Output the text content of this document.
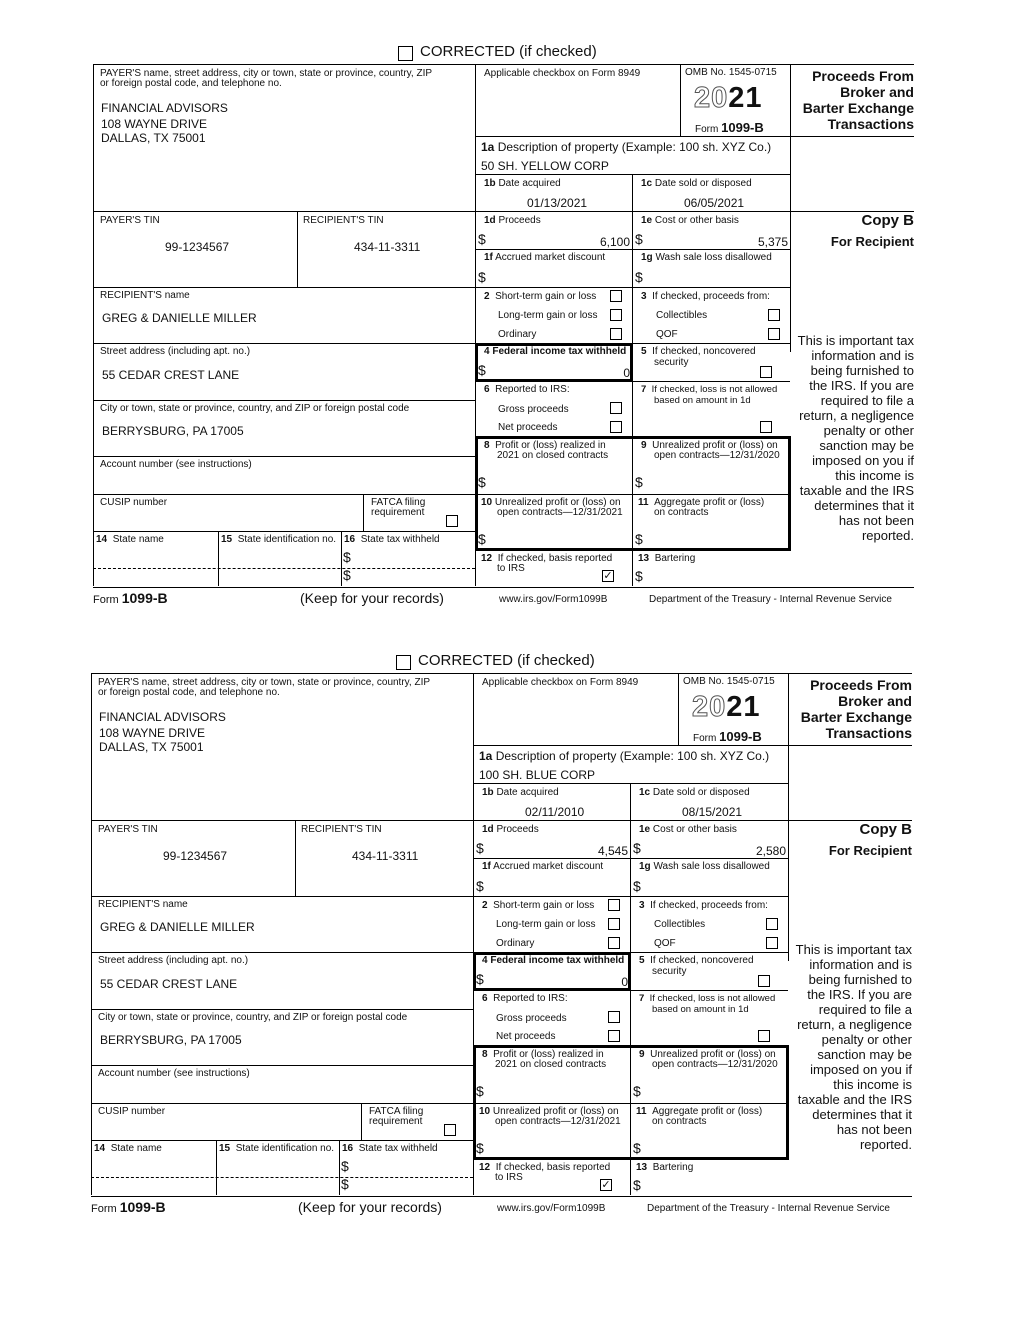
CORRECTED (if checked)
PAYER'S name, street address, city or town, state or province, country, ZIP
or foreign postal code, and telephone no.
FINANCIAL ADVISORS
108 WAYNE DRIVE
DALLAS, TX 75001
Applicable checkbox on Form 8949	OMB No. 1545-0715
2021
Form 1099-B
Proceeds From
Broker and
Barter Exchange
Transactions
1a Description of property (Example: 100 sh. XYZ Co.)
50 SH. YELLOW CORP
1b Date acquired
01/13/2021
1c Date sold or disposed
06/05/2021
PAYER'S TIN	RECIPIENT'S TIN
99-1234567	434-11-3311
1d Proceeds
$	6,100
1e Cost or other basis
$	5,375
Copy B
For Recipient
1f Accrued market discount
$
1g Wash sale loss disallowed
$
RECIPIENT'S name
GREG & DANIELLE MILLER
2 Short-term gain or loss
Long-term gain or loss
Ordinary
3 If checked, proceeds from:
Collectibles
QOF
Street address (including apt. no.)
55 CEDAR CREST LANE
4 Federal income tax withheld
$	0
5 If checked, noncovered
security
City or town, state or province, country, and ZIP or foreign postal code
BERRYSBURG, PA 17005
6 Reported to IRS:
Gross proceeds
Net proceeds
7 If checked, loss is not allowed
based on amount in 1d
Account number (see instructions)
8 Profit or (loss) realized in
2021 on closed contracts
$
9 Unrealized profit or (loss) on
open contracts—12/31/2020
$
CUSIP number	FATCA filing
requirement
10 Unrealized profit or (loss) on
open contracts—12/31/2021
$
11 Aggregate profit or (loss)
on contracts
$
14 State name	15 State identification no. 16 State tax withheld
$
$
12 If checked, basis reported
to IRS
✓
13 Bartering
$
This is important tax
information and is
being furnished to
the IRS. If you are
required to file a
return, a negligence
penalty or other
sanction may be
imposed on you if
this income is
taxable and the IRS
determines that it
has not been
reported.
Form 1099-B	(Keep for your records)	www.irs.gov/Form1099B	Department of the Treasury - Internal Revenue Service
CORRECTED (if checked)
PAYER'S name, street address, city or town, state or province, country, ZIP
or foreign postal code, and telephone no.
FINANCIAL ADVISORS
108 WAYNE DRIVE
DALLAS, TX 75001
Applicable checkbox on Form 8949	OMB No. 1545-0715
2021
Form 1099-B
Proceeds From
Broker and
Barter Exchange
Transactions
1a Description of property (Example: 100 sh. XYZ Co.)
100 SH. BLUE CORP
1b Date acquired
02/11/2010
1c Date sold or disposed
08/15/2021
PAYER'S TIN	RECIPIENT'S TIN
99-1234567	434-11-3311
1d Proceeds
$	4,545
1e Cost or other basis
$	2,580
Copy B
For Recipient
1f Accrued market discount
$
1g Wash sale loss disallowed
$
RECIPIENT'S name
GREG & DANIELLE MILLER
2 Short-term gain or loss
Long-term gain or loss
Ordinary
3 If checked, proceeds from:
Collectibles
QOF
Street address (including apt. no.)
55 CEDAR CREST LANE
4 Federal income tax withheld
$	0
5 If checked, noncovered
security
City or town, state or province, country, and ZIP or foreign postal code
BERRYSBURG, PA 17005
6 Reported to IRS:
Gross proceeds
Net proceeds
7 If checked, loss is not allowed
based on amount in 1d
Account number (see instructions)
8 Profit or (loss) realized in
2021 on closed contracts
$
9 Unrealized profit or (loss) on
open contracts—12/31/2020
$
CUSIP number	FATCA filing
requirement
10 Unrealized profit or (loss) on
open contracts—12/31/2021
$
11 Aggregate profit or (loss)
on contracts
$
14 State name	15 State identification no. 16 State tax withheld
$
$
12 If checked, basis reported
to IRS
✓
13 Bartering
$
This is important tax
information and is
being furnished to
the IRS. If you are
required to file a
return, a negligence
penalty or other
sanction may be
imposed on you if
this income is
taxable and the IRS
determines that it
has not been
reported.
Form 1099-B	(Keep for your records)	www.irs.gov/Form1099B	Department of the Treasury - Internal Revenue Service
